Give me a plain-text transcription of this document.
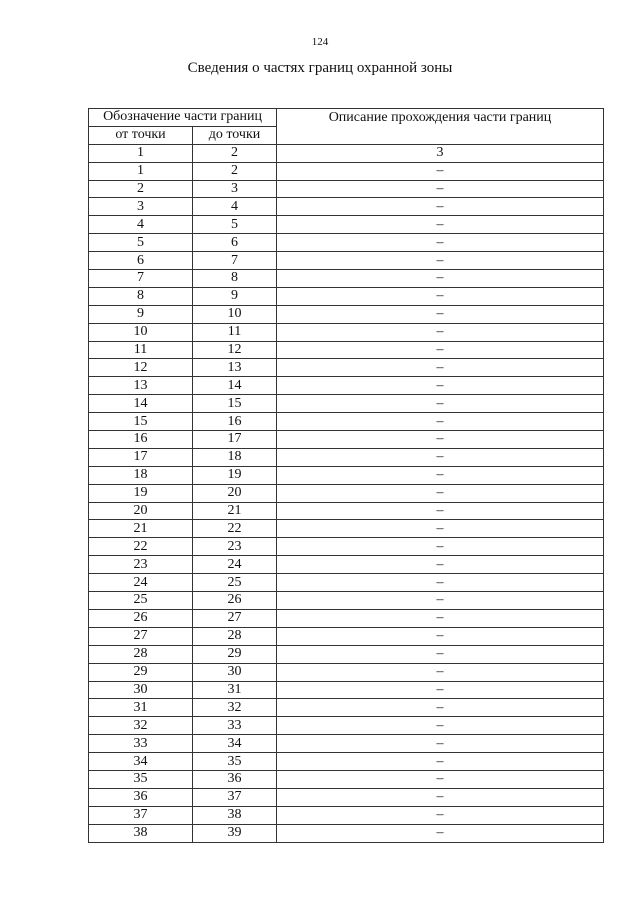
124
Сведения о частях границ охранной зоны
Обозначение части границ		Описание прохождения части границ
от точки	до точки	
1	2	3
1	2	–
2	3	–
3	4	–
4	5	–
5	6	–
6	7	–
7	8	–
8	9	–
9	10	–
10	11	–
11	12	–
12	13	–
13	14	–
14	15	–
15	16	–
16	17	–
17	18	–
18	19	–
19	20	–
20	21	–
21	22	–
22	23	–
23	24	–
24	25	–
25	26	–
26	27	–
27	28	–
28	29	–
29	30	–
30	31	–
31	32	–
32	33	–
33	34	–
34	35	–
35	36	–
36	37	–
37	38	–
38	39	–
